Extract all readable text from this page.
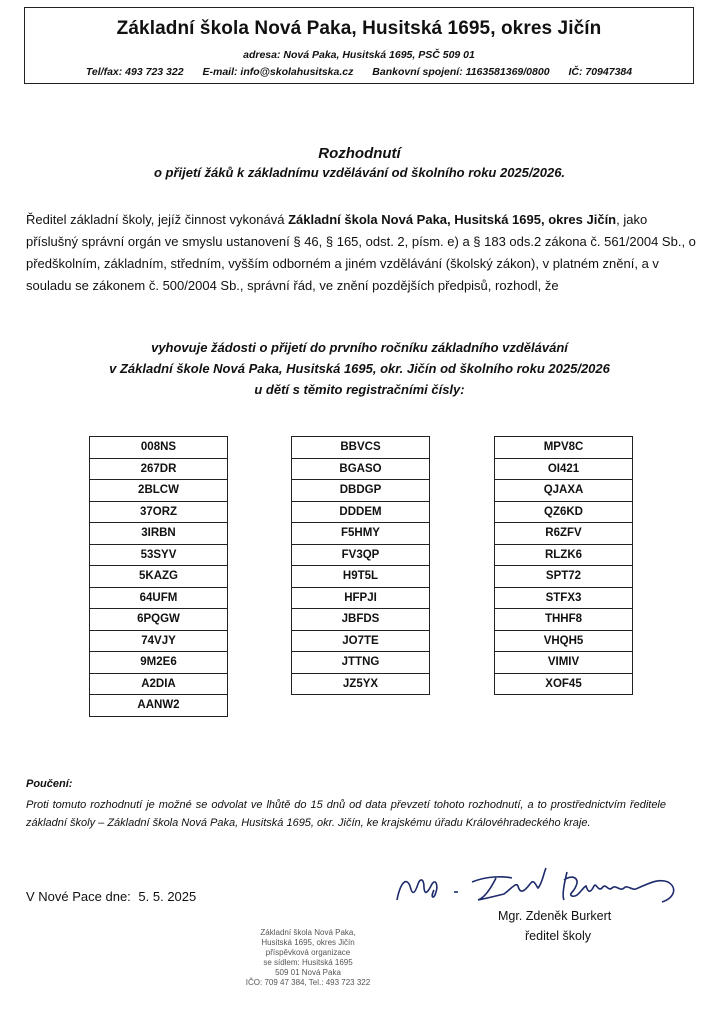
Základní škola Nová Paka, Husitská 1695, okres Jičín
adresa: Nová Paka, Husitská 1695, PSČ 509 01
Tel/fax: 493 723 322 E-mail: info@skolahusitska.cz Bankovní spojení: 1163581369/0800 IČ: 70947384
Rozhodnutí
o přijetí žáků k základnímu vzdělávání od školního roku 2025/2026.
Ředitel základní školy, jejíž činnost vykonává Základní škola Nová Paka, Husitská 1695, okres Jičín, jako příslušný správní orgán ve smyslu ustanovení § 46, § 165, odst. 2, písm. e) a § 183 ods.2 zákona č. 561/2004 Sb., o předškolním, základním, středním, vyšším odborném a jiném vzdělávání (školský zákon), v platném znění, a v souladu se zákonem č. 500/2004 Sb., správní řád, ve znění pozdějších předpisů, rozhodl, že
vyhovuje žádosti o přijetí do prvního ročníku základního vzdělávání
v Základní škole Nová Paka, Husitská 1695, okr. Jičín od školního roku 2025/2026
u dětí s těmito registračními čísly:
008NS
267DR
2BLCW
37ORZ
3IRBN
53SYV
5KAZG
64UFM
6PQGW
74VJY
9M2E6
A2DIA
AANW2
BBVCS
BGASO
DBDGP
DDDEM
F5HMY
FV3QP
H9T5L
HFPJI
JBFDS
JO7TE
JTTNG
JZ5YX
MPV8C
OI421
QJAXA
QZ6KD
R6ZFV
RLZK6
SPT72
STFX3
THHF8
VHQH5
VIMIV
XOF45
Poučení:
Proti tomuto rozhodnutí je možné se odvolat ve lhůtě do 15 dnů od data převzetí tohoto rozhodnutí, a to prostřednictvím ředitele základní školy – Základní škola Nová Paka, Husitská 1695, okr. Jičín, ke krajskému úřadu Královéhradeckého kraje.
V Nové Pace dne: 5. 5. 2025
Mgr. Zdeněk Burkert
ředitel školy
Základní škola Nová Paka,
Husitská 1695, okres Jičín
příspěvková organizace
se sídlem: Husitská 1695
509 01 Nová Paka
IČO: 709 47 384, Tel.: 493 723 322
